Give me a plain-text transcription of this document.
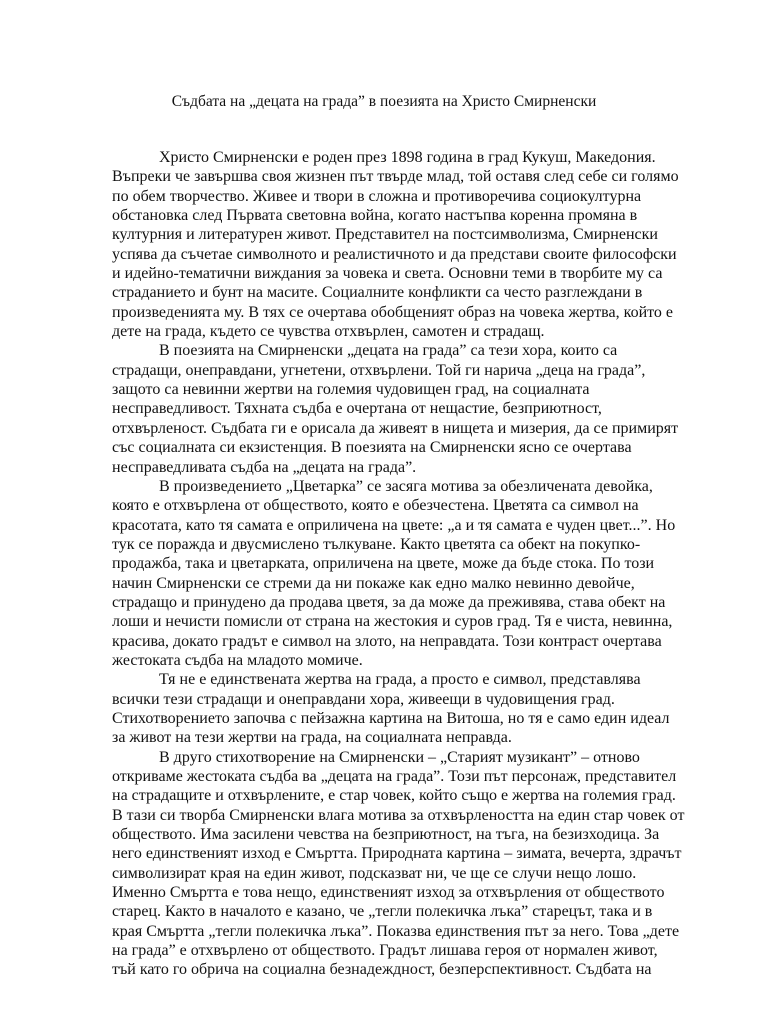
Съдбата на „децата на града” в поезията на Христо Смирненски
Христо Смирненски е роден през 1898 година в град Кукуш, Македония.
Въпреки че завършва своя жизнен път твърде млад, той оставя след себе си голямо
по обем творчество. Живее и твори в сложна и противоречива социокултурна
обстановка след Първата световна война, когато настъпва коренна промяна в
културния и литературен живот. Представител на постсимволизма, Смирненски
успява да съчетае символното и реалистичното и да представи своите философски
и идейно-тематични виждания за човека и света. Основни теми в творбите му са
страданието и бунт на масите. Социалните конфликти са често разглеждани в
произведенията му. В тях се очертава обобщеният образ на човека жертва, който е
дете на града, където се чувства отхвърлен, самотен и страдащ.
В поезията на Смирненски „децата на града” са тези хора, които са
страдащи, онеправдани, угнетени, отхвърлени. Той ги нарича „деца на града”,
защото са невинни жертви на големия чудовищен град, на социалната
несправедливост. Тяхната съдба е очертана от нещастие, безприютност,
отхвърленост. Съдбата ги е орисала да живеят в нищета и мизерия, да се примирят
със социалната си екзистенция. В поезията на Смирненски ясно се очертава
несправедливата съдба на „децата на града”.
В произведението „Цветарка” се засяга мотива за обезличената девойка,
която е отхвърлена от обществото, която е обезчестена. Цветята са символ на
красотата, като тя самата е оприличена на цвете: „а и тя самата е чуден цвет...”. Но
тук се поражда и двусмислено тълкуване. Както цветята са обект на покупко-
продажба, така и цветарката, оприличена на цвете, може да бъде стока. По този
начин Смирненски се стреми да ни покаже как едно малко невинно девойче,
страдащо и принудено да продава цветя, за да може да преживява, става обект на
лоши и нечисти помисли от страна на жестокия и суров град. Тя е чиста, невинна,
красива, докато градът е символ на злото, на неправдата. Този контраст очертава
жестоката съдба на младото момиче.
Тя не е единствената жертва на града, а просто е символ, представлява
всички тези страдащи и онеправдани хора, живеещи в чудовищения град.
Стихотворението започва с пейзажна картина на Витоша, но тя е само един идеал
за живот на тези жертви на града, на социалната неправда.
В друго стихотворение на Смирненски – „Старият музикант” – отново
откриваме жестоката съдба ва „децата на града”. Този път персонаж, представител
на страдащите и отхвърлените, е стар човек, който също е жертва на големия град.
В тази си творба Смирненски влага мотива за отхвърлеността на един стар човек от
обществото. Има засилени чевства на безприютност, на тъга, на безизходица. За
него единственият изход е Смъртта. Природната картина – зимата, вечерта, здрачът
символизират края на един живот, подсказват ни, че ще се случи нещо лошо.
Именно Смъртта е това нещо, единственият изход за отхвърления от обществото
старец. Както в началото е казано, че „тегли полекичка лъка” старецът, така и в
края Смъртта „тегли полекичка лъка”. Показва единствения път за него. Това „дете
на града” е отхвърлено от обществото. Градът лишава героя от нормален живот,
тъй като го обрича на социална безнадеждност, безперспективност. Съдбата на
